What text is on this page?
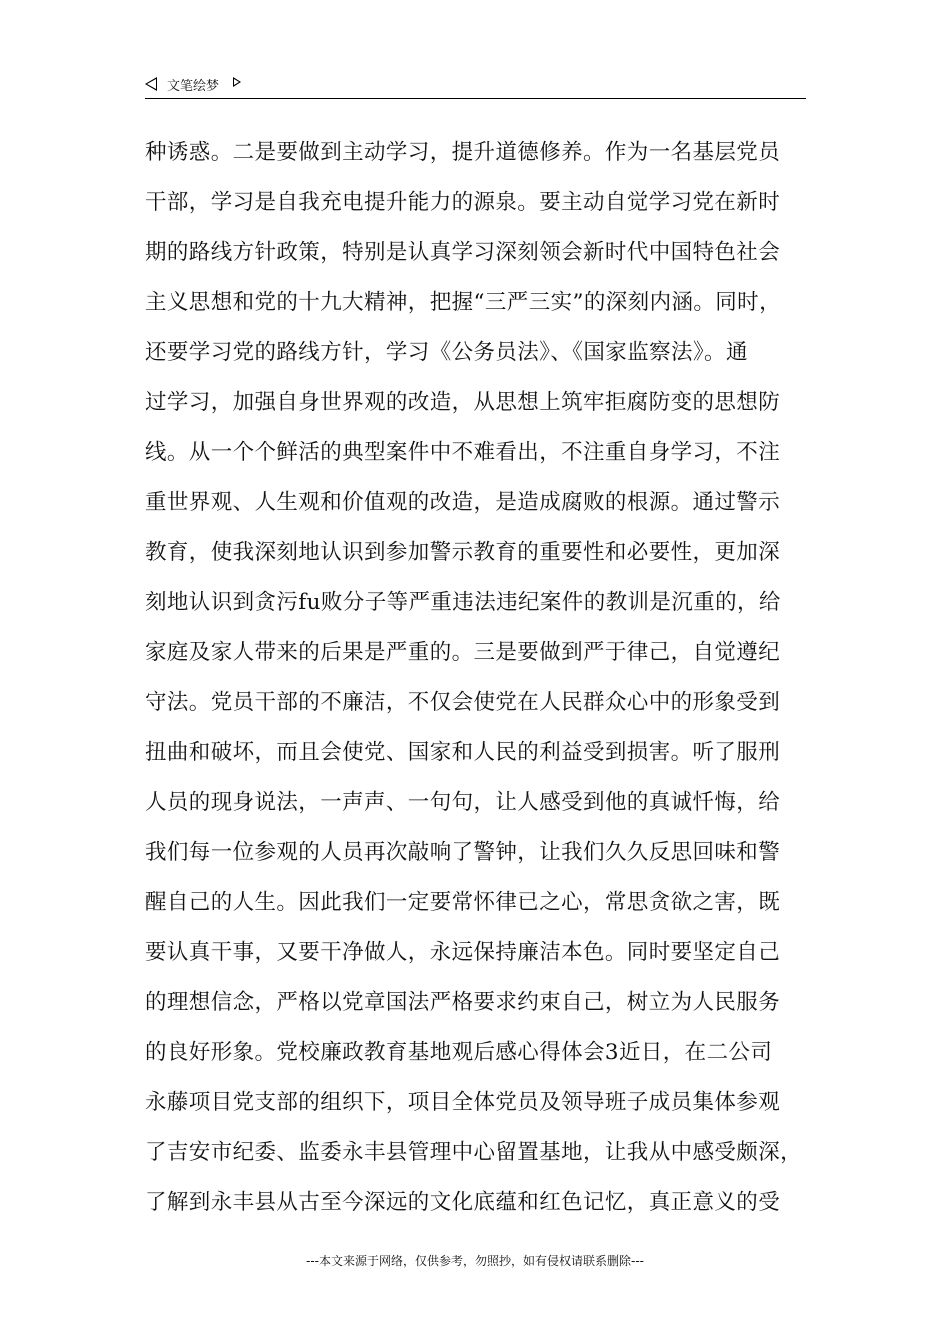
文笔绘梦
种诱惑。二是要做到主动学习，提升道德修养。作为一名基层党员
干部，学习是自我充电提升能力的源泉。要主动自觉学习党在新时
期的路线方针政策，特别是认真学习深刻领会新时代中国特色社会
主义思想和党的十九大精神，把握“三严三实”的深刻内涵。同时，
还要学习党的路线方针，学习《公务员法》、《国家监察法》。通
过学习，加强自身世界观的改造，从思想上筑牢拒腐防变的思想防
线。从一个个鲜活的典型案件中不难看出，不注重自身学习，不注
重世界观、人生观和价值观的改造，是造成腐败的根源。通过警示
教育，使我深刻地认识到参加警示教育的重要性和必要性，更加深
刻地认识到贪污fu败分子等严重违法违纪案件的教训是沉重的，给
家庭及家人带来的后果是严重的。三是要做到严于律己，自觉遵纪
守法。党员干部的不廉洁，不仅会使党在人民群众心中的形象受到
扭曲和破坏，而且会使党、国家和人民的利益受到损害。听了服刑
人员的现身说法，一声声、一句句，让人感受到他的真诚忏悔，给
我们每一位参观的人员再次敲响了警钟，让我们久久反思回味和警
醒自己的人生。因此我们一定要常怀律已之心，常思贪欲之害，既
要认真干事，又要干净做人，永远保持廉洁本色。同时要坚定自己
的理想信念，严格以党章国法严格要求约束自己，树立为人民服务
的良好形象。党校廉政教育基地观后感心得体会3近日，在二公司
永藤项目党支部的组织下，项目全体党员及领导班子成员集体参观
了吉安市纪委、监委永丰县管理中心留置基地，让我从中感受颇深，
了解到永丰县从古至今深远的文化底蕴和红色记忆，真正意义的受
---本文来源于网络，仅供参考，勿照抄，如有侵权请联系删除---
